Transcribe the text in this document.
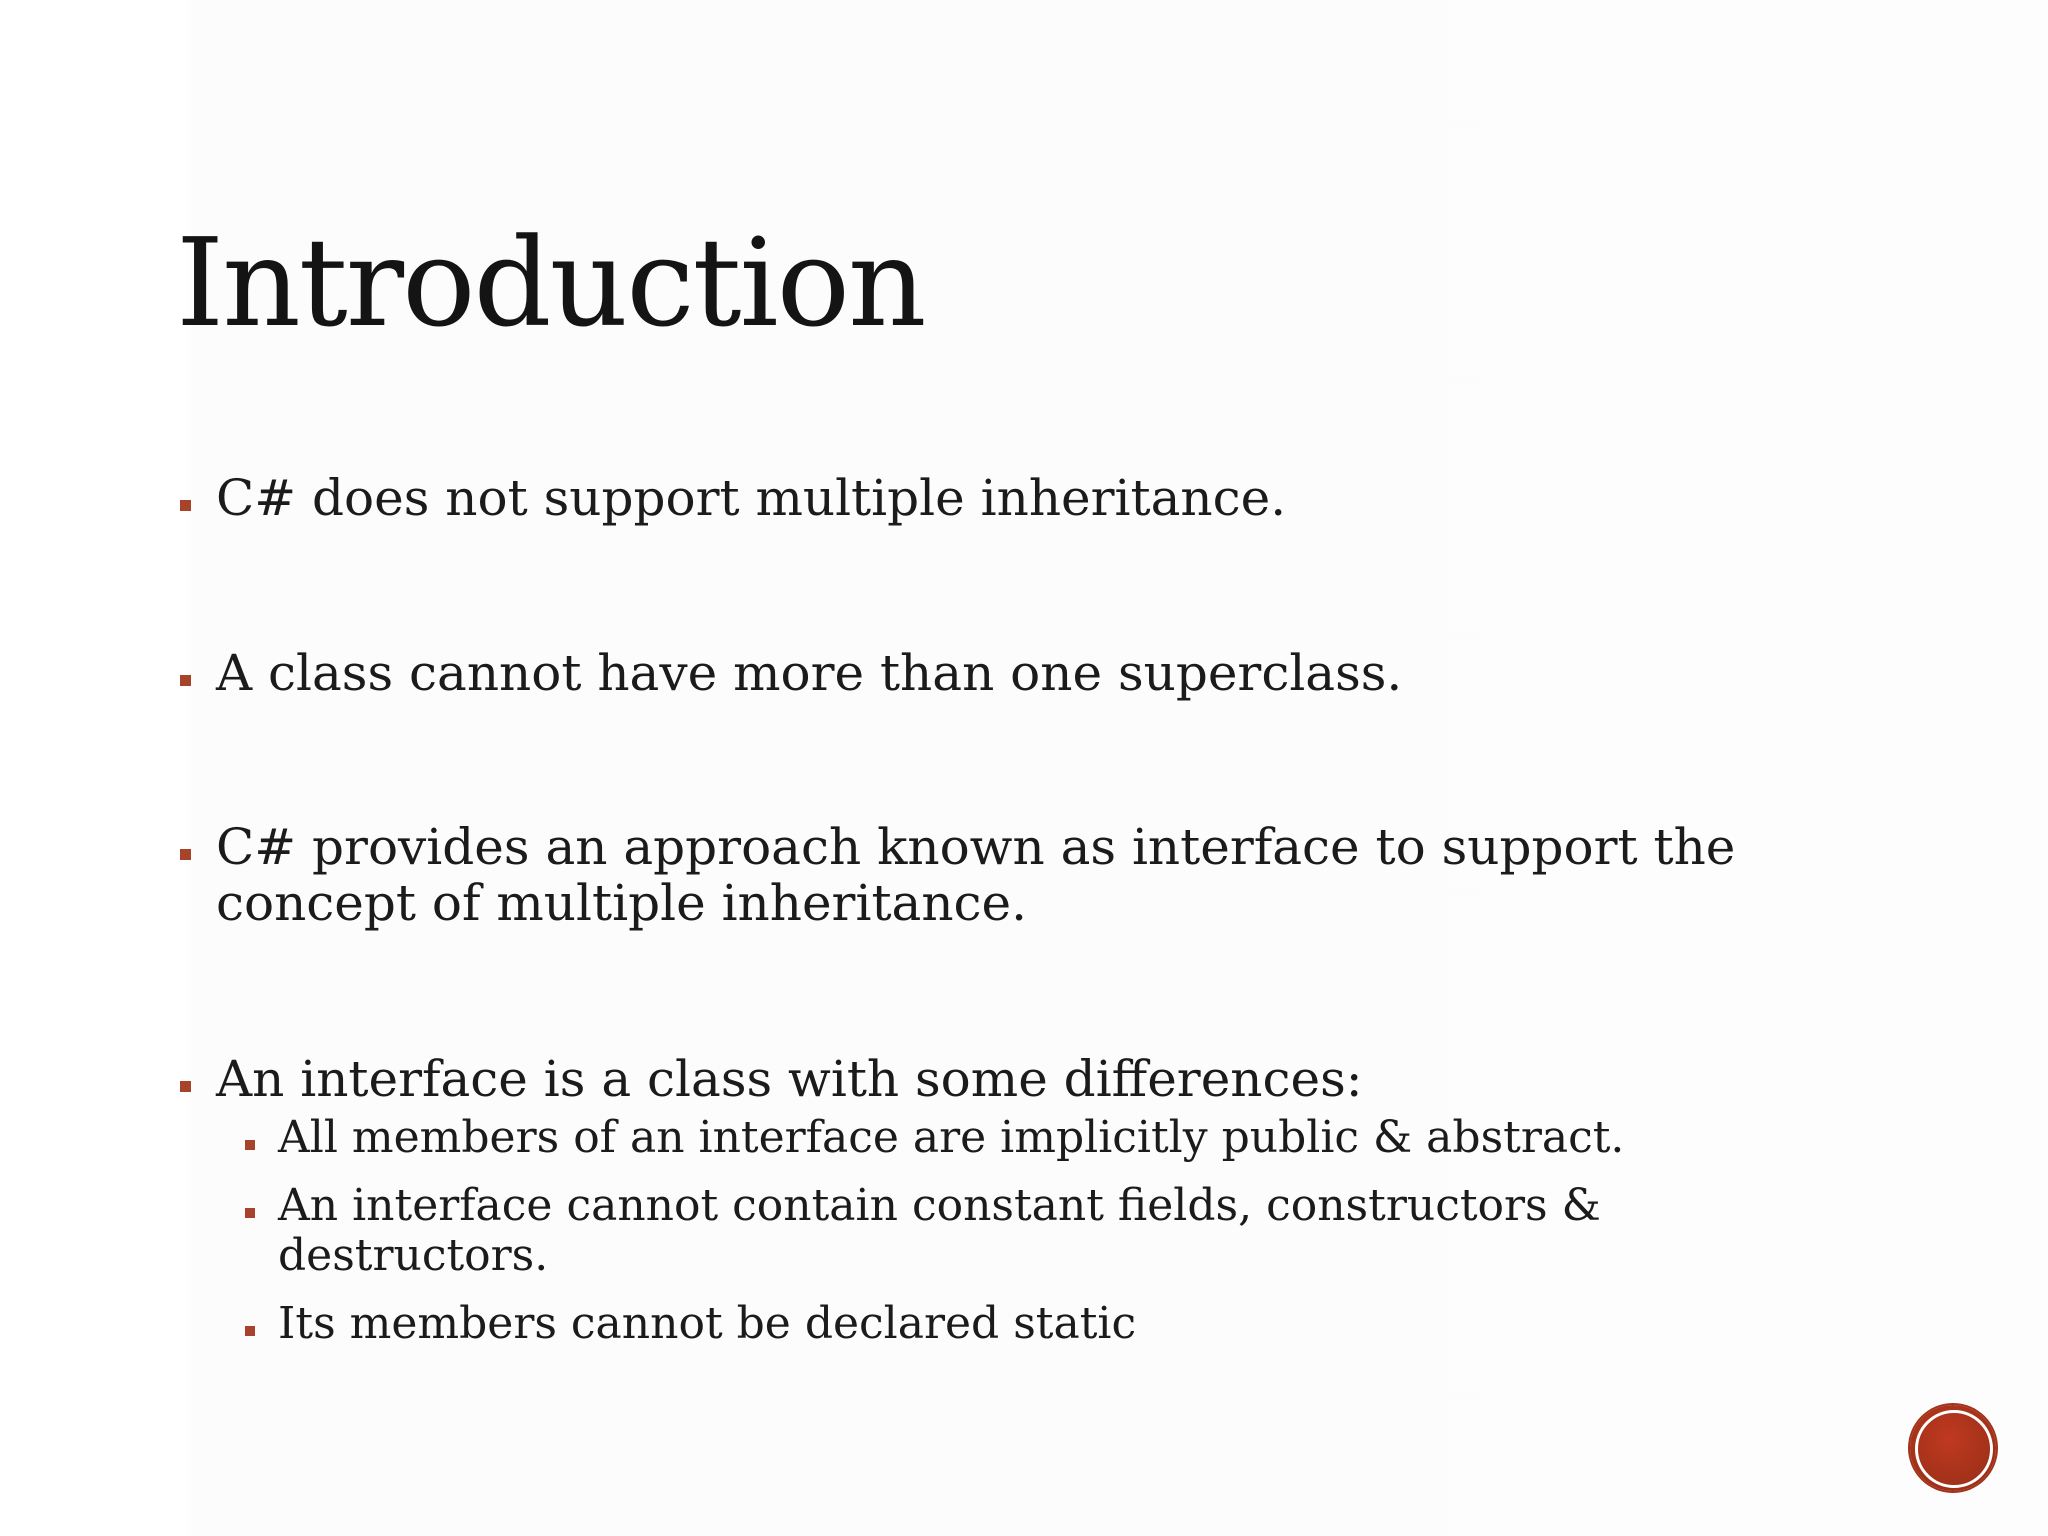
Introduction
C# does not support multiple inheritance.
A class cannot have more than one superclass.
C# provides an approach known as interface to support the concept of multiple inheritance.
An interface is a class with some differences:
All members of an interface are implicitly public & abstract.
An interface cannot contain constant fields, constructors & destructors.
Its members cannot be declared static
